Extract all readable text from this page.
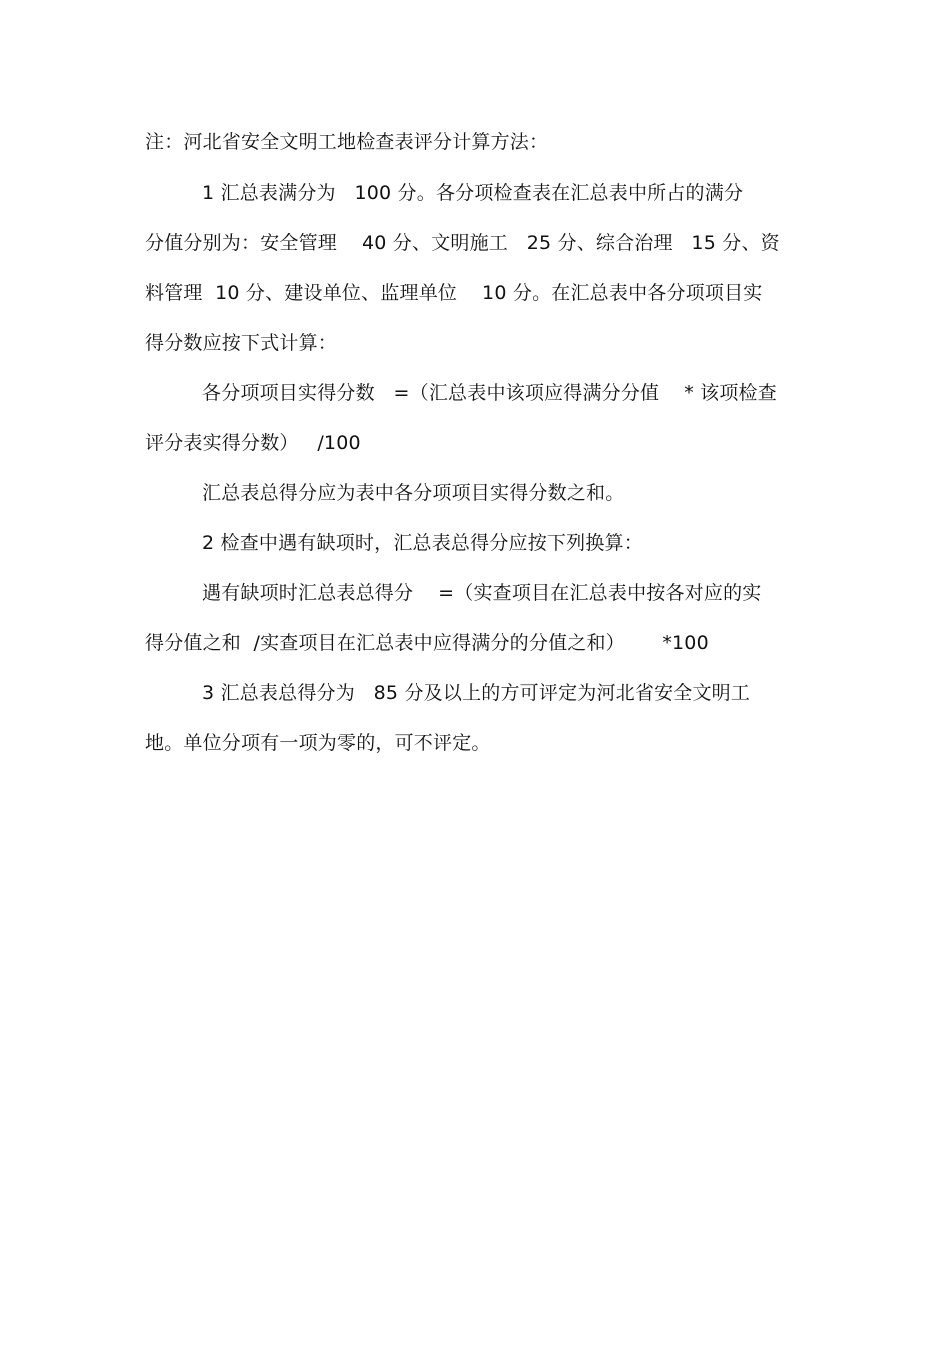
注：河北省安全文明工地检查表评分计算方法：
1 汇总表满分为   100 分。各分项检查表在汇总表中所占的满分
分值分别为：安全管理    40 分、文明施工   25 分、综合治理   15 分、资
料管理  10 分、建设单位、监理单位    10 分。在汇总表中各分项项目实
得分数应按下式计算：
各分项项目实得分数   =（汇总表中该项应得满分分值    * 该项检查
评分表实得分数）   /100
汇总表总得分应为表中各分项项目实得分数之和。
2 检查中遇有缺项时，汇总表总得分应按下列换算：
遇有缺项时汇总表总得分    =（实查项目在汇总表中按各对应的实
得分值之和  /实查项目在汇总表中应得满分的分值之和）      *100
3 汇总表总得分为   85 分及以上的方可评定为河北省安全文明工
地。单位分项有一项为零的，可不评定。
